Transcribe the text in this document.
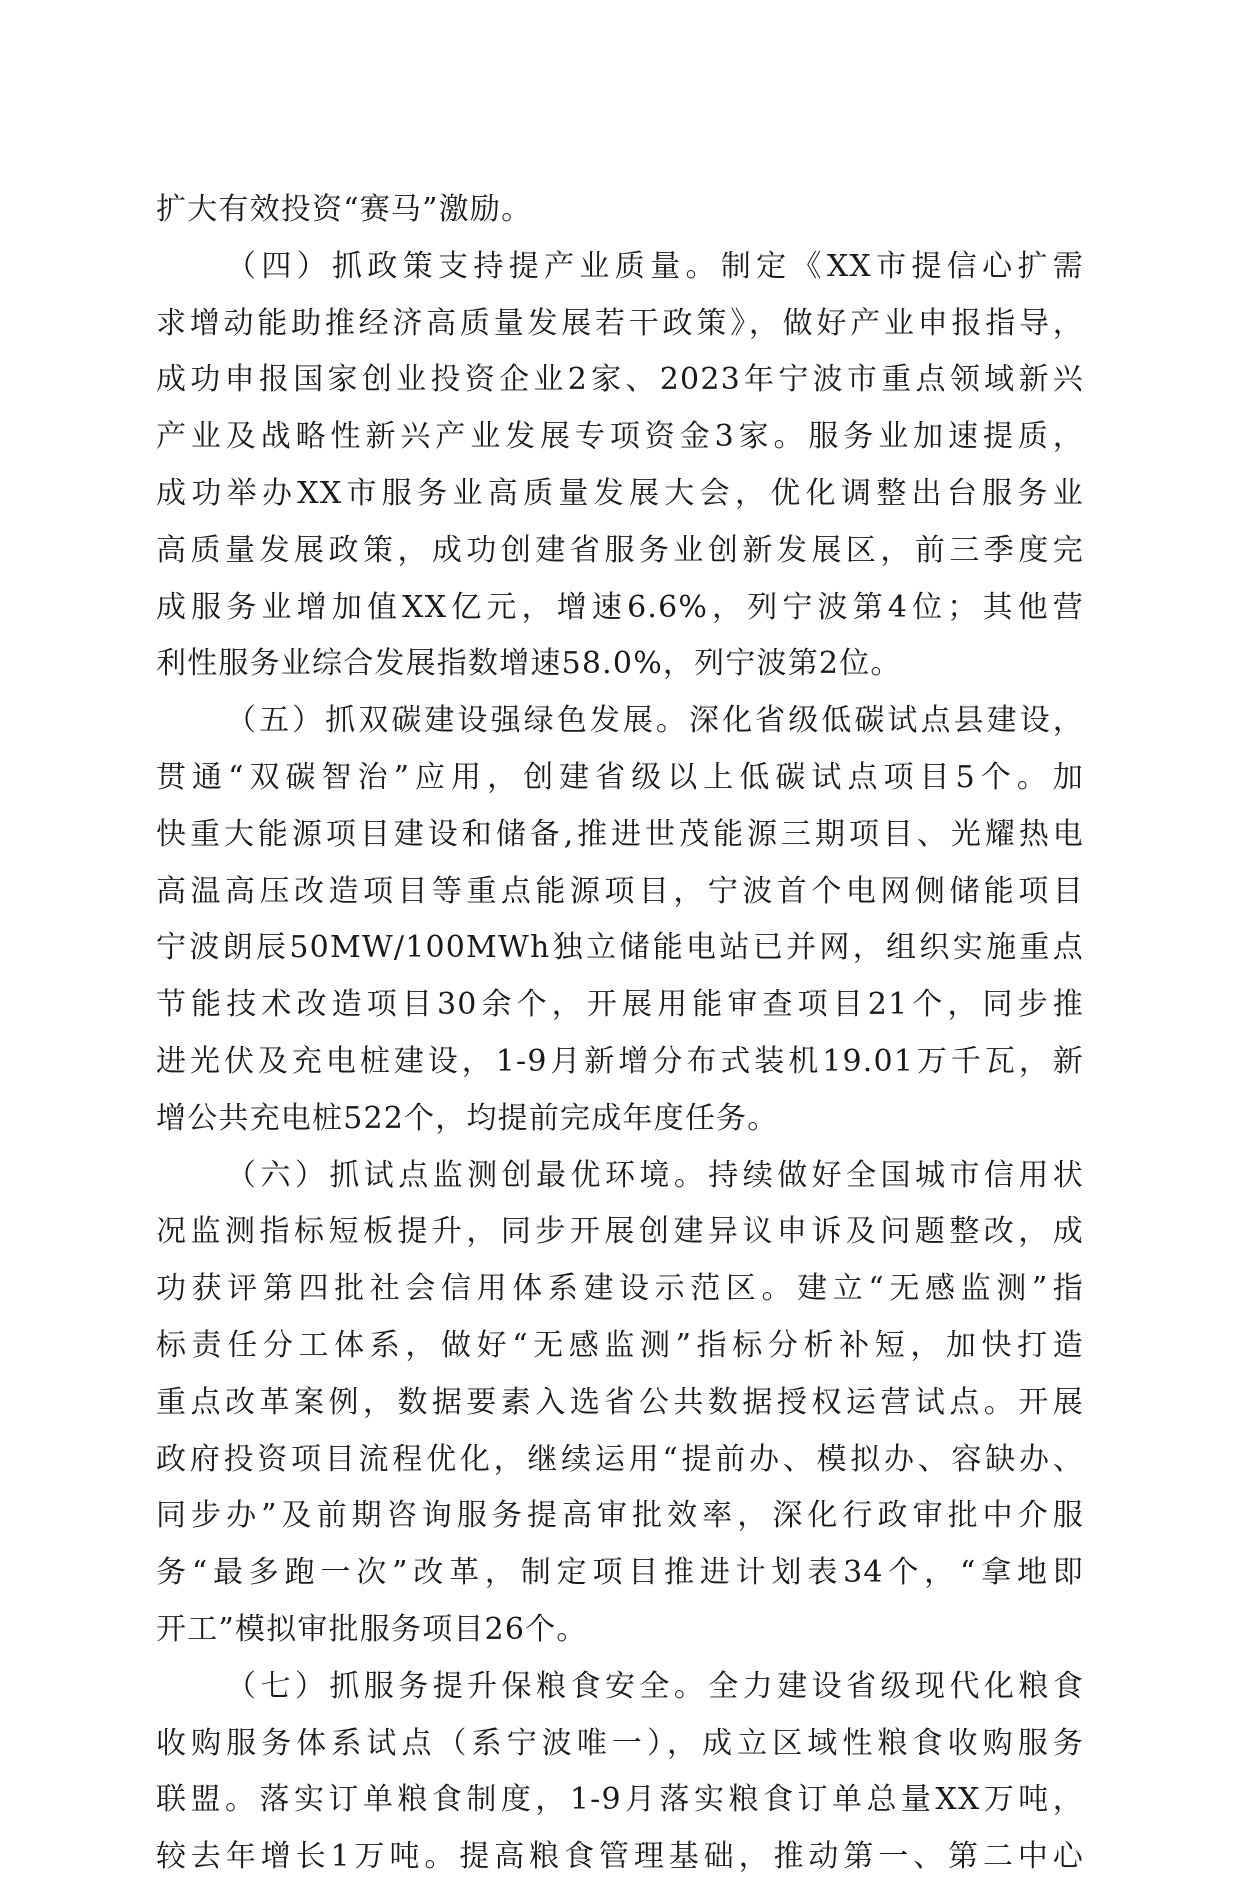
扩大有效投资“赛马”激励。
（四）抓政策支持提产业质量。制定《XX市提信心扩需
求增动能助推经济高质量发展若干政策》，做好产业申报指导，
成功申报国家创业投资企业2家、2023年宁波市重点领域新兴
产业及战略性新兴产业发展专项资金3家。服务业加速提质，
成功举办XX市服务业高质量发展大会，优化调整出台服务业
高质量发展政策，成功创建省服务业创新发展区，前三季度完
成服务业增加值XX亿元，增速6.6%，列宁波第4位；其他营
利性服务业综合发展指数增速58.0%，列宁波第2位。
（五）抓双碳建设强绿色发展。深化省级低碳试点县建设，
贯通“双碳智治”应用，创建省级以上低碳试点项目5个。加
快重大能源项目建设和储备,推进世茂能源三期项目、光耀热电
高温高压改造项目等重点能源项目，宁波首个电网侧储能项目
宁波朗辰50MW/100MWh独立储能电站已并网，组织实施重点
节能技术改造项目30余个，开展用能审查项目21个，同步推
进光伏及充电桩建设，1-9月新增分布式装机19.01万千瓦，新
增公共充电桩522个，均提前完成年度任务。
（六）抓试点监测创最优环境。持续做好全国城市信用状
况监测指标短板提升，同步开展创建异议申诉及问题整改，成
功获评第四批社会信用体系建设示范区。建立“无感监测”指
标责任分工体系，做好“无感监测”指标分析补短，加快打造
重点改革案例，数据要素入选省公共数据授权运营试点。开展
政府投资项目流程优化，继续运用“提前办、模拟办、容缺办、
同步办”及前期咨询服务提高审批效率，深化行政审批中介服
务“最多跑一次”改革，制定项目推进计划表34个，“拿地即
开工”模拟审批服务项目26个。
（七）抓服务提升保粮食安全。全力建设省级现代化粮食
收购服务体系试点（系宁波唯一），成立区域性粮食收购服务
联盟。落实订单粮食制度，1-9月落实粮食订单总量XX万吨，
较去年增长1万吨。提高粮食管理基础，推动第一、第二中心
